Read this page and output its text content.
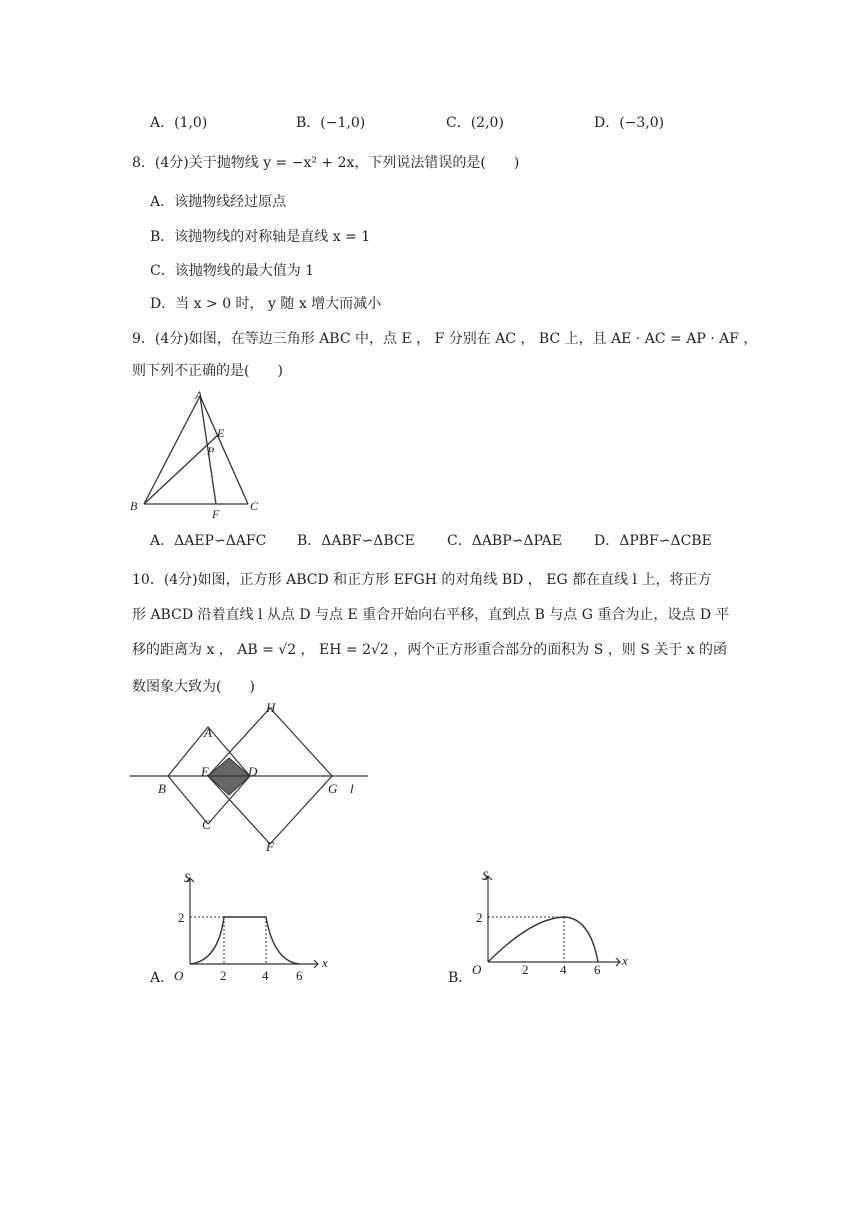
A．(1,0)	B．(−1,0)	C．(2,0)	D．(−3,0)
8．(4分)关于抛物线 y = −x² + 2x，下列说法错误的是(　　)
A．该抛物线经过原点
B．该抛物线的对称轴是直线 x = 1
C．该抛物线的最大值为 1
D．当 x > 0 时， y 随 x 增大而减小
9．(4分)如图，在等边三角形 ABC 中，点 E ， F 分别在 AC ， BC 上，且 AE · AC = AP · AF ，
则下列不正确的是(　　)
A
E
P
B	C
F
A．ΔAEP∽ΔAFC B．ΔABF∽ΔBCE C．ΔABP∽ΔPAE D．ΔPBF∽ΔCBE
10．(4分)如图，正方形 ABCD 和正方形 EFGH 的对角线 BD ， EG 都在直线 l 上，将正方
形 ABCD 沿着直线 l 从点 D 与点 E 重合开始向右平移，直到点 B 与点 G 重合为止，设点 D 平
移的距离为 x ， AB = √2 ， EH = 2√2 ，两个正方形重合部分的面积为 S ，则 S 关于 x 的函
数图象大致为(　　)
A
H
E	D
B	G l
C
F
A．
S
x
O
2
2	4 6	B．
S
x
O
2
2 4 6
